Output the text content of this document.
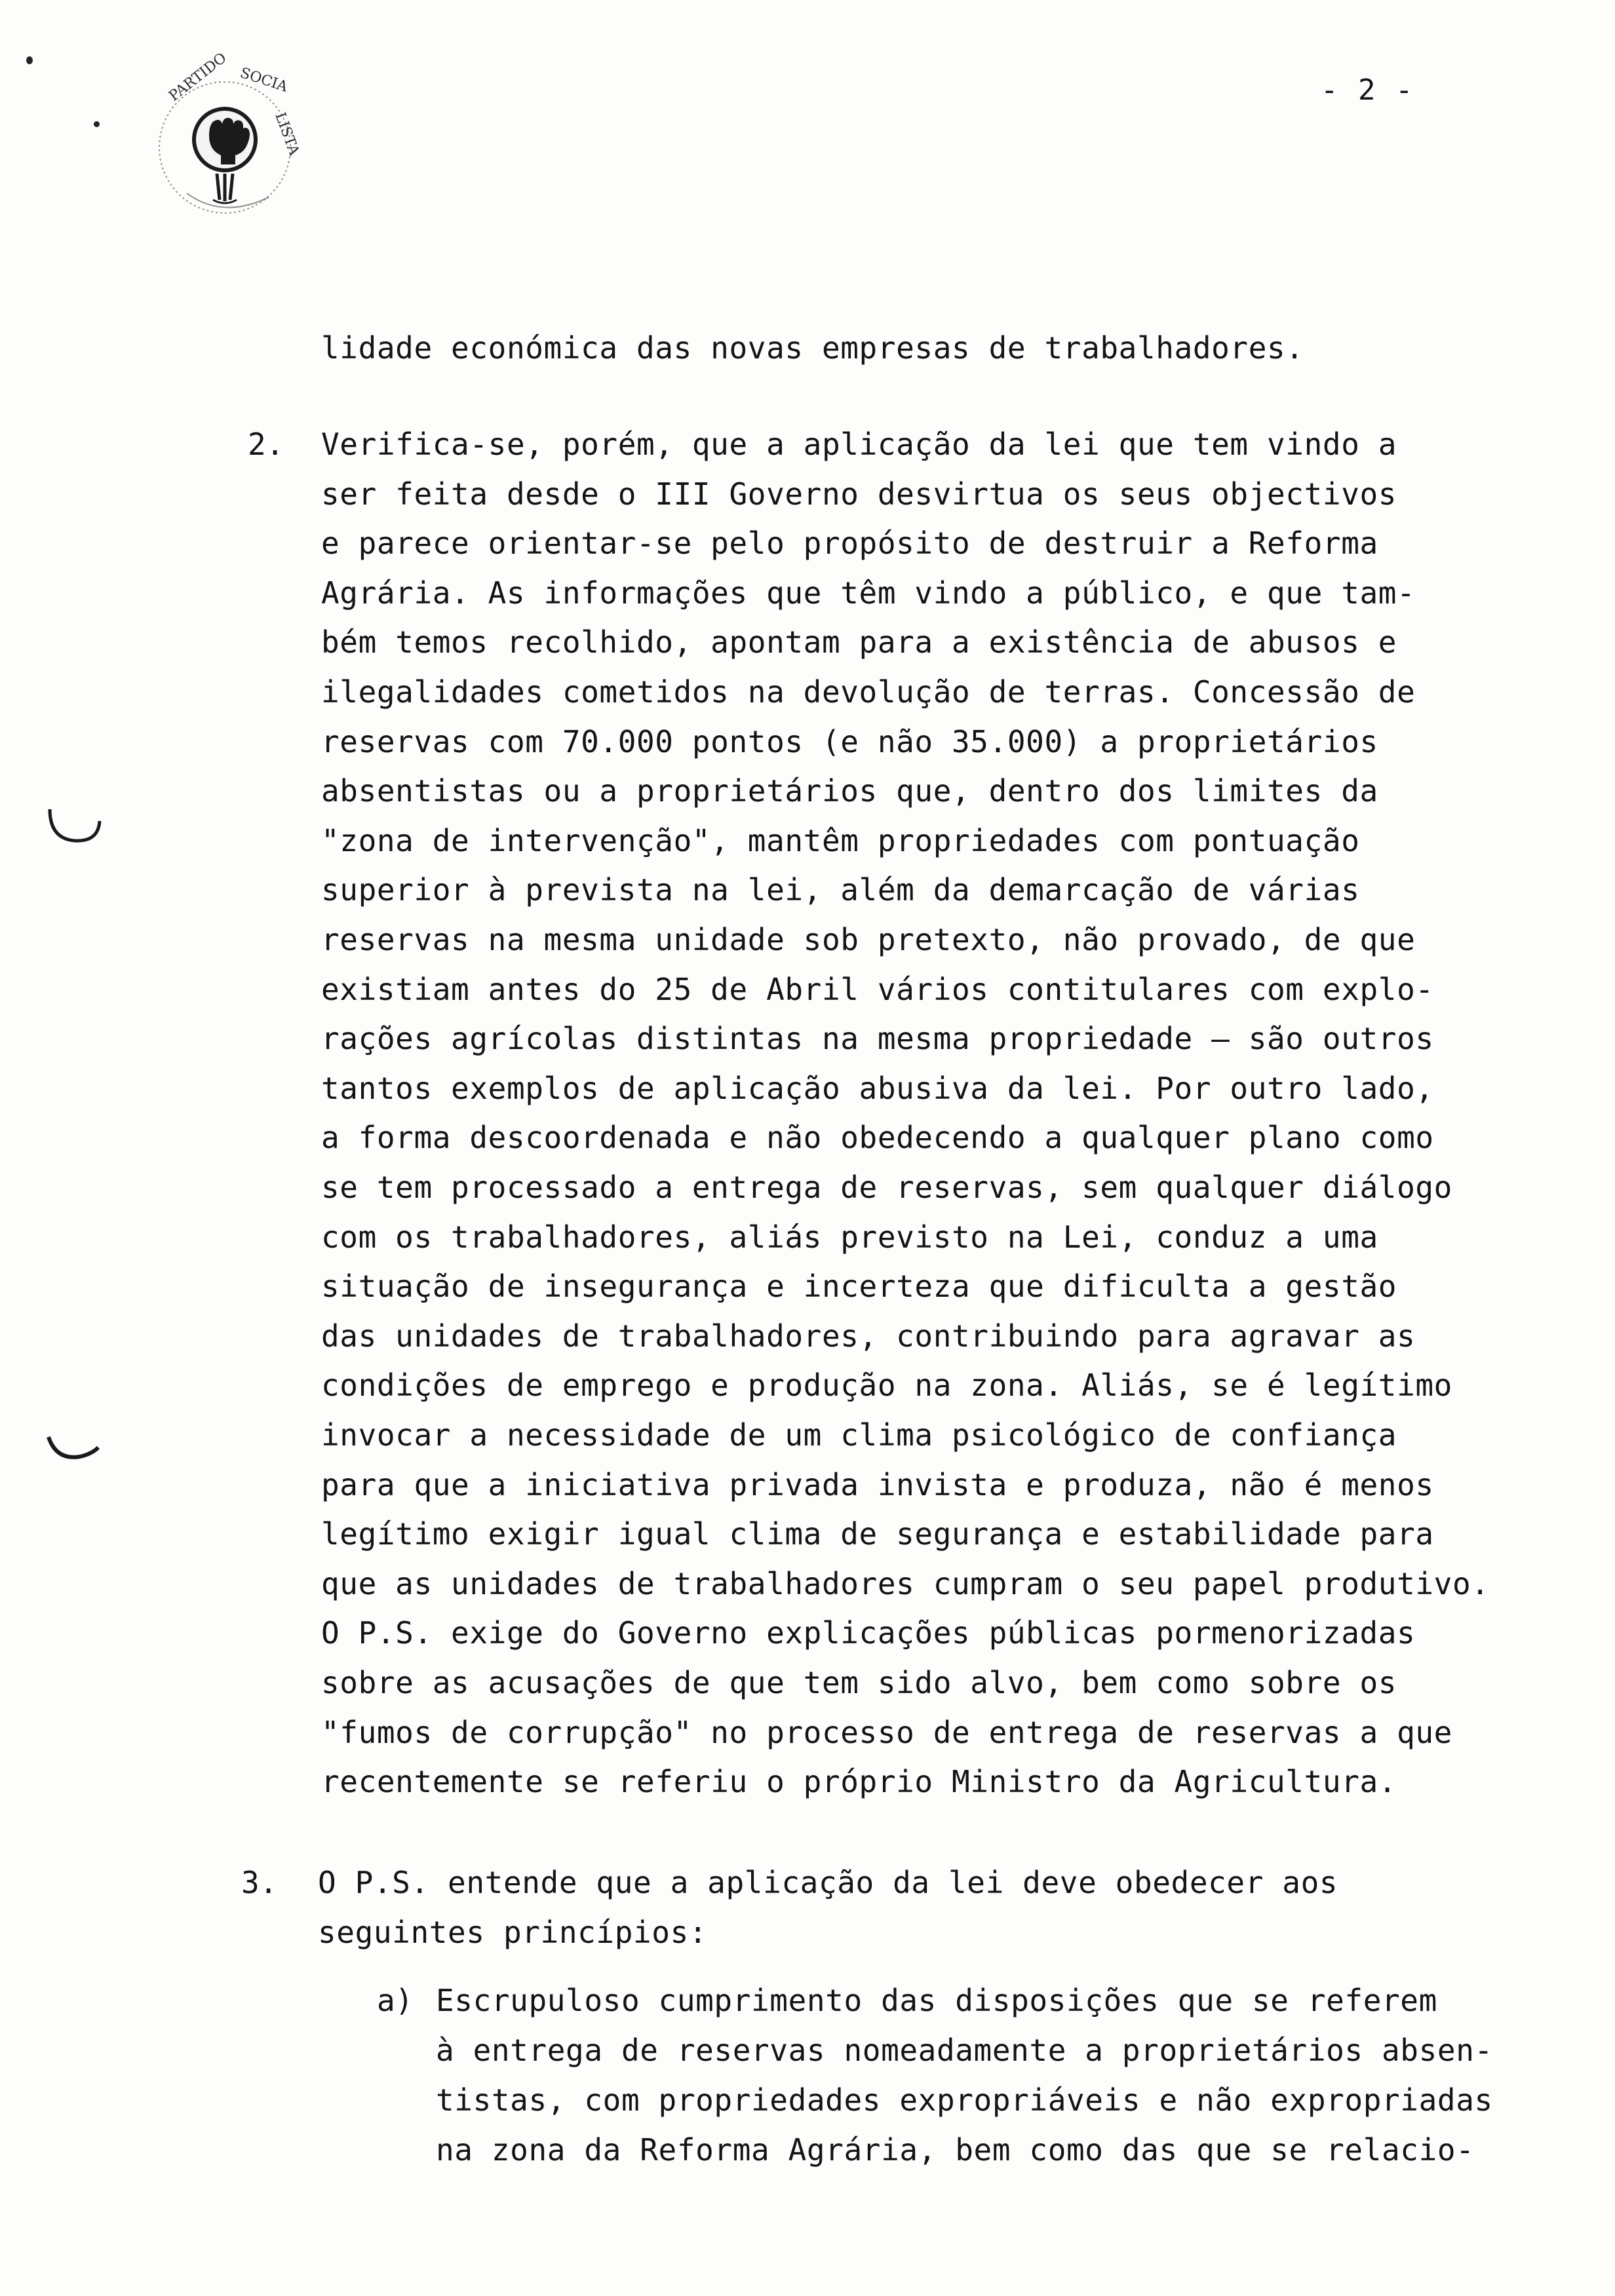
PARTIDO SOCIA
LISTA
- 2 -
lidade económica das novas empresas de trabalhadores.
2. Verifica-se, porém, que a aplicação da lei que tem vindo a
ser feita desde o III Governo desvirtua os seus objectivos
e parece orientar-se pelo propósito de destruir a Reforma
Agrária. As informações que têm vindo a público, e que tam-
bém temos recolhido, apontam para a existência de abusos e
ilegalidades cometidos na devolução de terras. Concessão de
reservas com 70.000 pontos (e não 35.000) a proprietários
absentistas ou a proprietários que, dentro dos limites da
"zona de intervenção", mantêm propriedades com pontuação
superior à prevista na lei, além da demarcação de várias
reservas na mesma unidade sob pretexto, não provado, de que
existiam antes do 25 de Abril vários contitulares com explo-
rações agrícolas distintas na mesma propriedade — são outros
tantos exemplos de aplicação abusiva da lei. Por outro lado,
a forma descoordenada e não obedecendo a qualquer plano como
se tem processado a entrega de reservas, sem qualquer diálogo
com os trabalhadores, aliás previsto na Lei, conduz a uma
situação de insegurança e incerteza que dificulta a gestão
das unidades de trabalhadores, contribuindo para agravar as
condições de emprego e produção na zona. Aliás, se é legítimo
invocar a necessidade de um clima psicológico de confiança
para que a iniciativa privada invista e produza, não é menos
legítimo exigir igual clima de segurança e estabilidade para
que as unidades de trabalhadores cumpram o seu papel produtivo.
O P.S. exige do Governo explicações públicas pormenorizadas
sobre as acusações de que tem sido alvo, bem como sobre os
"fumos de corrupção" no processo de entrega de reservas a que
recentemente se referiu o próprio Ministro da Agricultura.
3. O P.S. entende que a aplicação da lei deve obedecer aos
seguintes princípios:
a) Escrupuloso cumprimento das disposições que se referem
à entrega de reservas nomeadamente a proprietários absen-
tistas, com propriedades expropriáveis e não expropriadas
na zona da Reforma Agrária, bem como das que se relacio-
